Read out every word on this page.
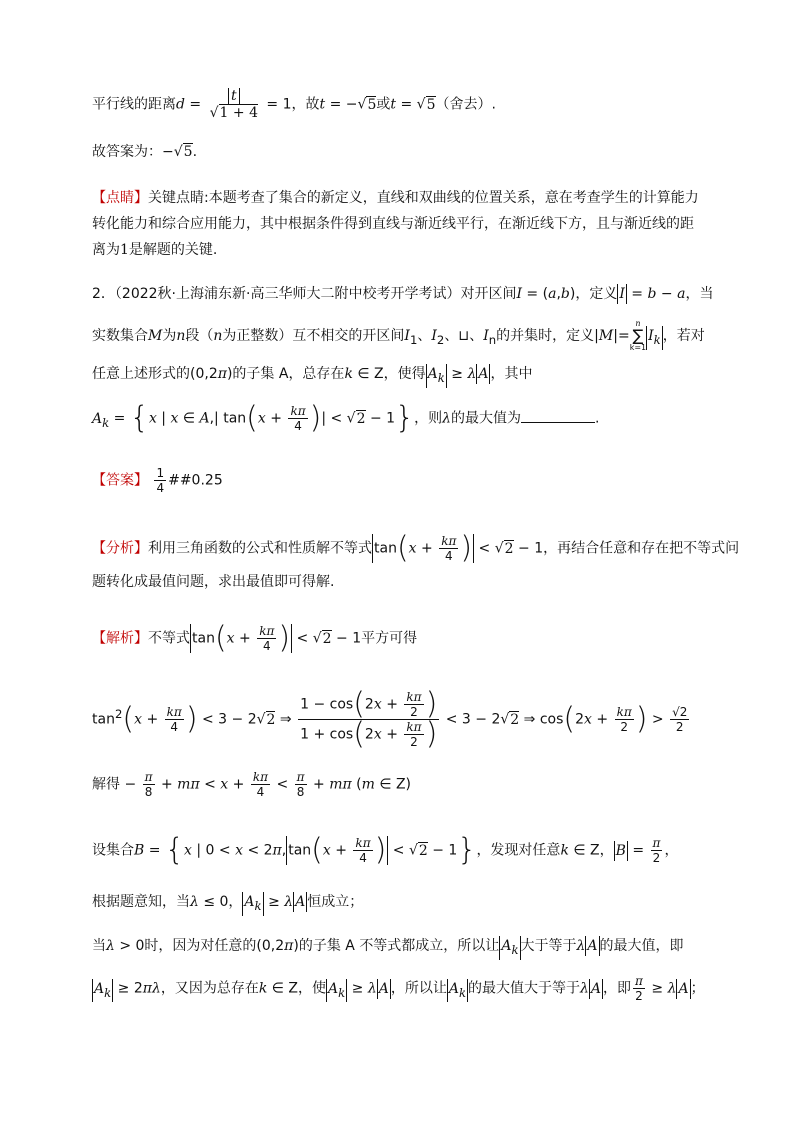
平行线的距离$d = \frac{t}{√1 + 4} = 1$，故t = −√5或t = √5（舍去）.
故答案为：−√5.
【点睛】关键点睛:本题考查了集合的新定义，直线和双曲线的位置关系，意在考查学生的计算能力
转化能力和综合应用能力，其中根据条件得到直线与渐近线平行，在渐近线下方，且与渐近线的距
离为1是解题的关键.
2．（2022秋·上海浦东新·高三华师大二附中校考开学考试）对开区间I = (a,b)，定义 I = b − a，当
实数集合M为n段（n为正整数）互不相交的开区间$I_1$、$I_2$、⊔、$I_n$的并集时，定义|M|=
n
∑
k=1
$I_k$ ，若对
任意上述形式的(0,2π)的子集 A，总存在k ∈ Z，使得 $A_k \ge \lambda$ A ，其中
$A_k = \{x$ | x ∈ A,| $\tan(x + \frac{k\pi}{4}$ )| < √2 − 1}，则λ的最大值为	.
【答案】 $\frac{1}{4}$ ##0.25
【分析】利用三角函数的公式和性质解不等式 $\tan(x + \frac{k\pi}{4}$ ) < √2 − 1，再结合任意和存在把不等式问
题转化成最值问题，求出最值即可得解.
【解析】不等式 $\tan(x + \frac{k\pi}{4}$ ) < √2 − 1平方可得
$\tan^2(x + \frac{k\pi}{4}$ ) < 3 − 2√2 ⇒ $\frac{1 - \cos(2x + \frac{k\pi}{2} )}{1 + \cos(2x + \frac{k\pi}{2} )} < 3 - 2√2$ ⇒ $\cos(2x + \frac{k\pi}{2}$ ) > $\frac{√2}{2}$
解得 − $\frac{\pi}{8} + m\pi < x + \frac{k\pi}{4} < \frac{\pi}{8} + m\pi$ (m ∈ Z)
设集合B = {x | 0 < x < 2π, $\tan(x + \frac{k\pi}{4}$ ) < √2 − 1}，发现对任意k ∈ Z， $B = \frac{\pi}{2}$ ，
根据题意知，当λ ≤ 0， $A_k \ge \lambda$ A 恒成立；
当λ > 0时，因为对任意的(0,2π)的子集 A 不等式都成立，所以让 $A_k$ 大于等于λ A 的最大值，即
$A_k \ge 2\pi\lambda$，又因为总存在k ∈ Z，使 $A_k \ge \lambda$ A ，所以让 $A_k$ 的最大值大于等于λ A ，即 $\frac{\pi}{2} \ge \lambda$ A ；
